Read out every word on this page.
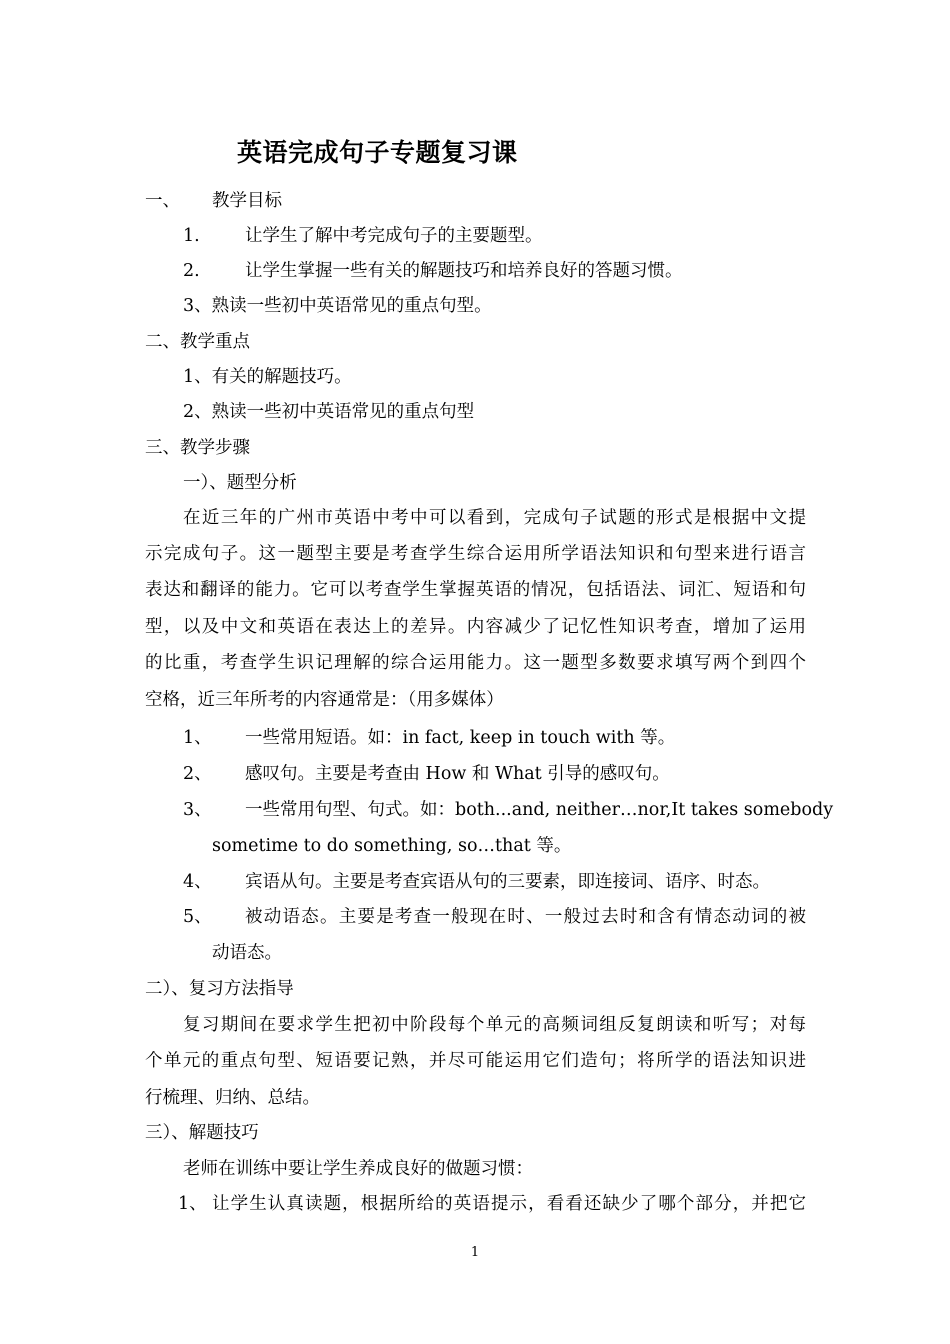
英语完成句子专题复习课
一、 教学目标
1.	让学生了解中考完成句子的主要题型。
2.	让学生掌握一些有关的解题技巧和培养良好的答题习惯。
3、熟读一些初中英语常见的重点句型。
二、教学重点
1、有关的解题技巧。
2、熟读一些初中英语常见的重点句型
三、教学步骤
一）、题型分析
在近三年的广州市英语中考中可以看到，完成句子试题的形式是根据中文提
示完成句子。这一题型主要是考查学生综合运用所学语法知识和句型来进行语言
表达和翻译的能力。它可以考查学生掌握英语的情况，包括语法、词汇、短语和句
型，以及中文和英语在表达上的差异。内容减少了记忆性知识考查，增加了运用
的比重，考查学生识记理解的综合运用能力。这一题型多数要求填写两个到四个
空格，近三年所考的内容通常是：（用多媒体）
1、 一些常用短语。如：in fact, keep in touch with 等。
2、 感叹句。主要是考查由 How 和 What 引导的感叹句。
3、 一些常用句型、句式。如：both...and, neither…nor,It takes somebody
sometime to do something, so…that 等。
4、 宾语从句。主要是考查宾语从句的三要素，即连接词、语序、时态。
5、 被动语态。主要是考查一般现在时、一般过去时和含有情态动词的被
动语态。
二）、复习方法指导
复习期间在要求学生把初中阶段每个单元的高频词组反复朗读和听写；对每
个单元的重点句型、短语要记熟，并尽可能运用它们造句；将所学的语法知识进
行梳理、归纳、总结。
三）、解题技巧
老师在训练中要让学生养成良好的做题习惯：
1、 让学生认真读题，根据所给的英语提示，看看还缺少了哪个部分，并把它
1
